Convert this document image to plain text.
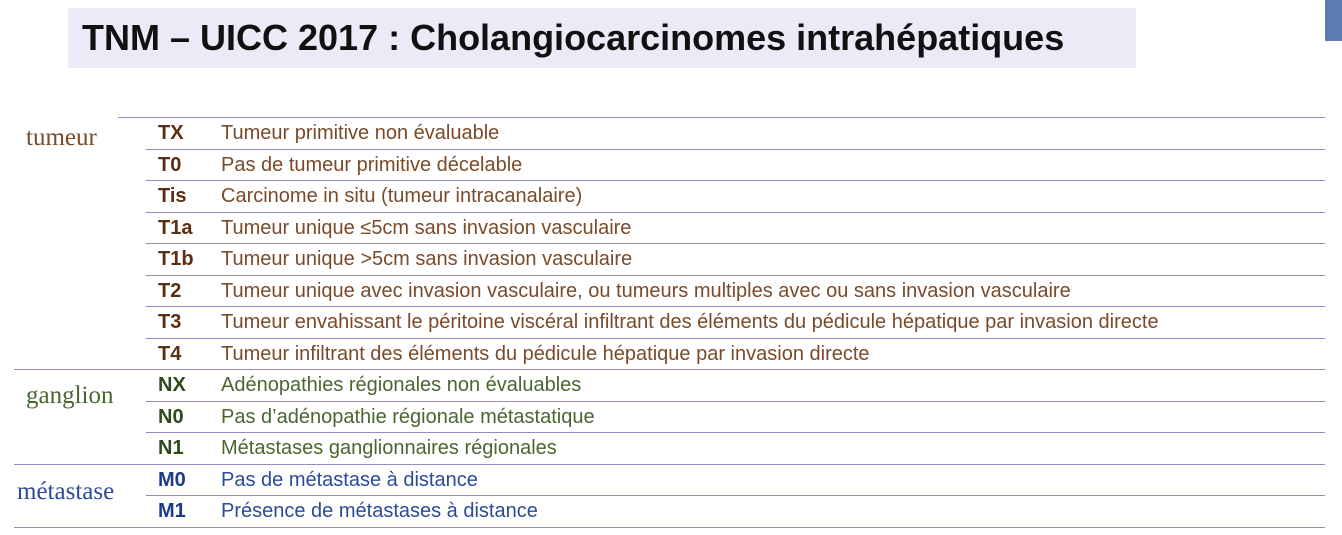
TNM – UICC 2017 : Cholangiocarcinomes intrahépatiques
tumeur
ganglion
métastase
TX Tumeur primitive non évaluable
T0 Pas de tumeur primitive décelable
Tis Carcinome in situ (tumeur intracanalaire)
T1a Tumeur unique ≤5cm sans invasion vasculaire
T1b Tumeur unique >5cm sans invasion vasculaire
T2 Tumeur unique avec invasion vasculaire, ou tumeurs multiples avec ou sans invasion vasculaire
T3 Tumeur envahissant le péritoine viscéral infiltrant des éléments du pédicule hépatique par invasion directe
T4 Tumeur infiltrant des éléments du pédicule hépatique par invasion directe
NX Adénopathies régionales non évaluables
N0 Pas d’adénopathie régionale métastatique
N1 Métastases ganglionnaires régionales
M0 Pas de métastase à distance
M1 Présence de métastases à distance
